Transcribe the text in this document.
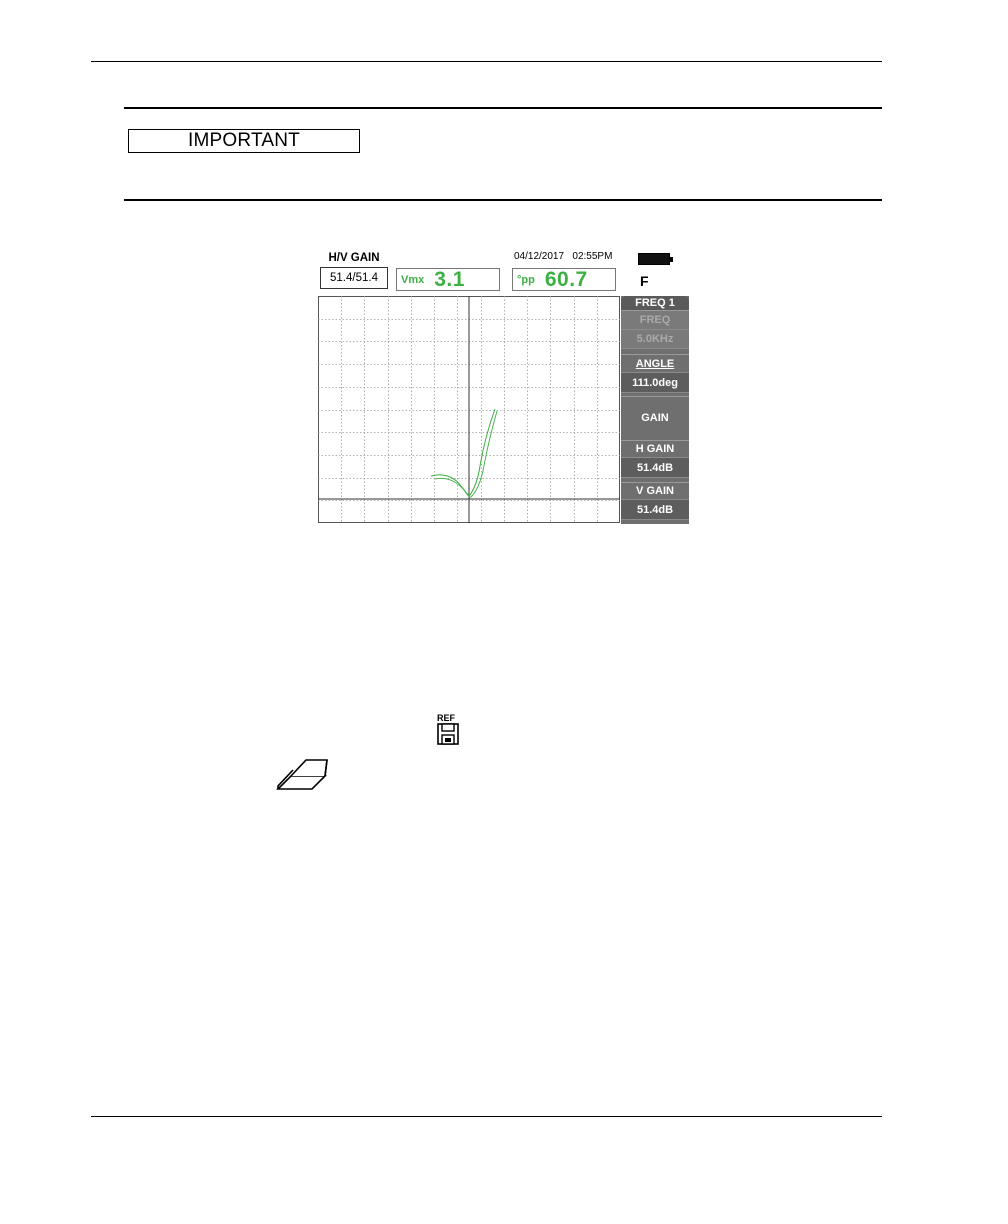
IMPORTANT
H/V GAIN
51.4/51.4	Vmx 3.1	°pp 60.7
04/12/2017   02:55PM
F
FREQ 1
FREQ
5.0KHz
ANGLE
111.0deg
GAIN
H GAIN
51.4dB
V GAIN
51.4dB
REF
